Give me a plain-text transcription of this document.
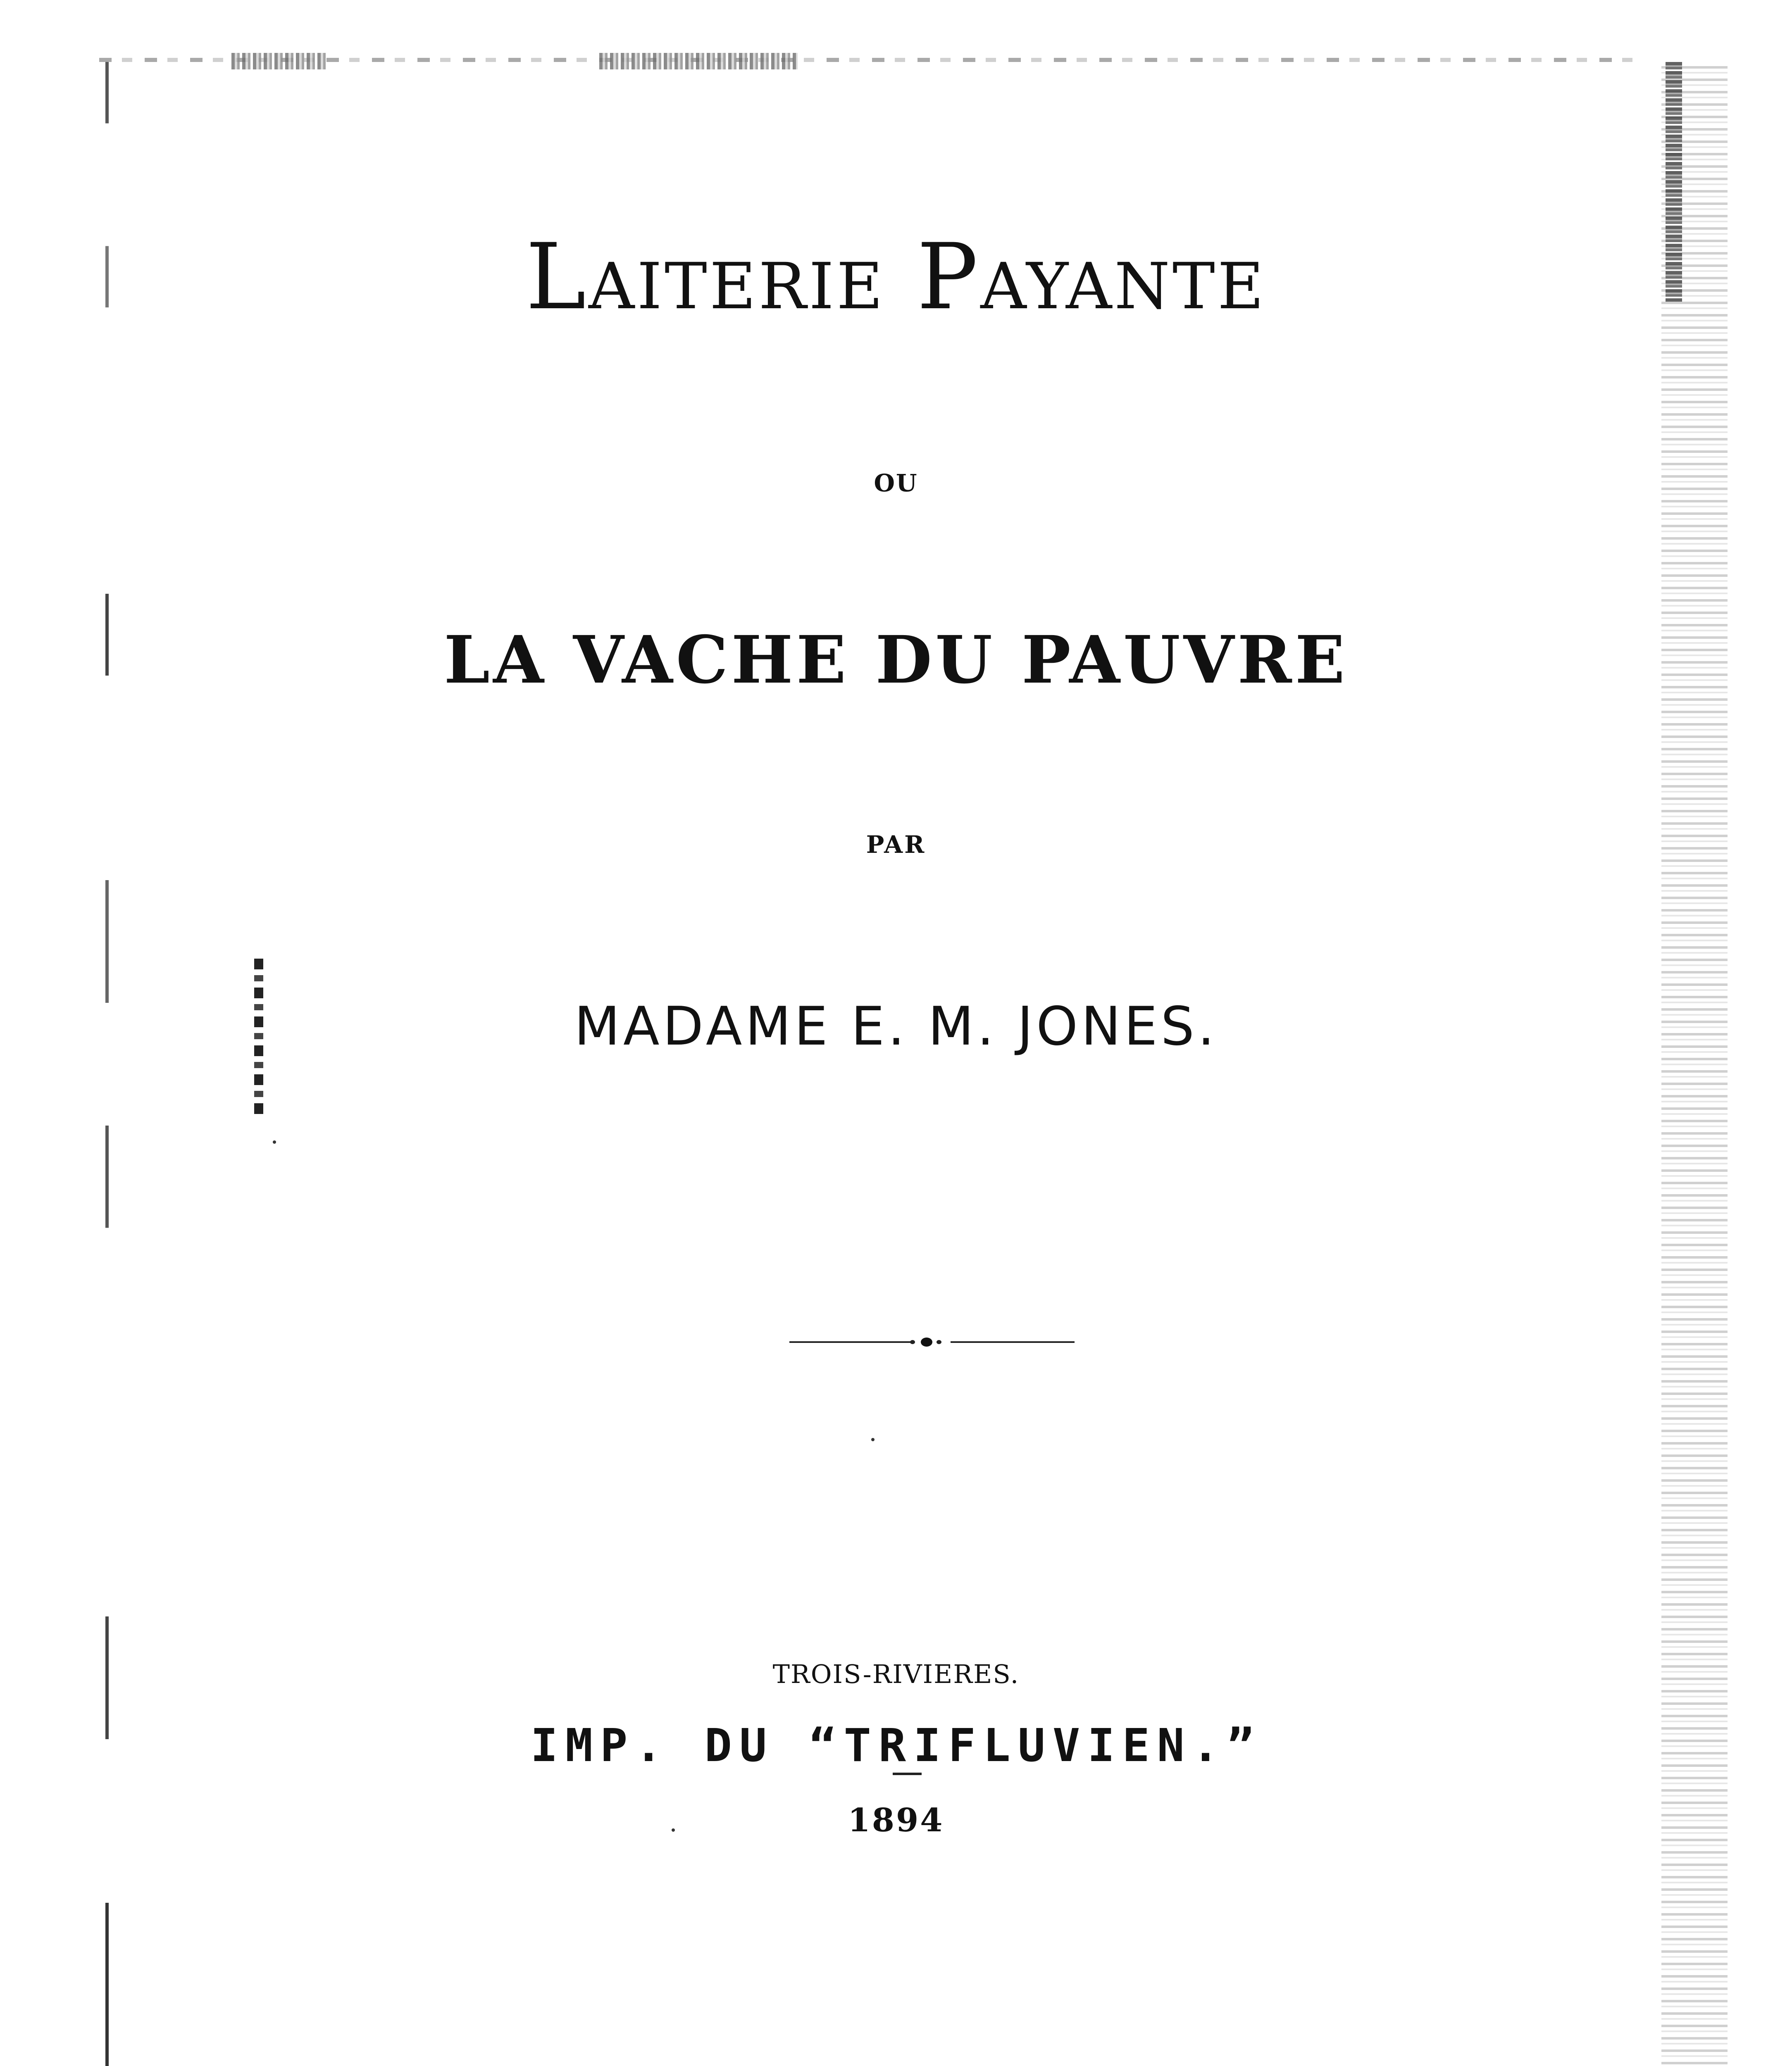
Laiterie Payante
OU
LA VACHE DU PAUVRE
PAR
MADAME E. M. JONES.
TROIS-RIVIERES.
IMP. DU “TRIFLUVIEN.”
1894
